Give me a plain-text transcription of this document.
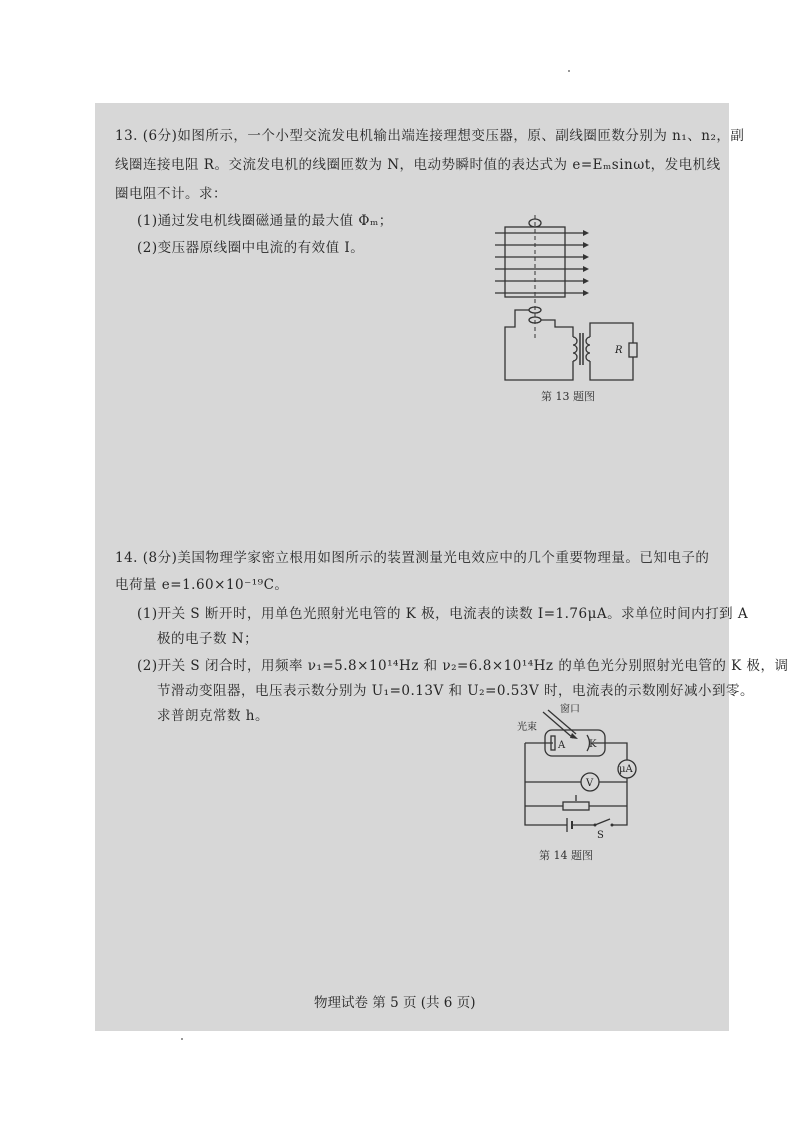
13. (6分)如图所示，一个小型交流发电机输出端连接理想变压器，原、副线圈匝数分别为 n₁、n₂，副
线圈连接电阻 R。交流发电机的线圈匝数为 N，电动势瞬时值的表达式为 e=Eₘsinωt，发电机线
圈电阻不计。求：
(1)通过发电机线圈磁通量的最大值 Φₘ；
(2)变压器原线圈中电流的有效值 I。
R
第 13 题图
14. (8分)美国物理学家密立根用如图所示的装置测量光电效应中的几个重要物理量。已知电子的
电荷量 e=1.60×10⁻¹⁹C。
(1)开关 S 断开时，用单色光照射光电管的 K 极，电流表的读数 I=1.76μA。求单位时间内打到 A
极的电子数 N；
(2)开关 S 闭合时，用频率 ν₁=5.8×10¹⁴Hz 和 ν₂=6.8×10¹⁴Hz 的单色光分别照射光电管的 K 极，调
节滑动变阻器，电压表示数分别为 U₁=0.13V 和 U₂=0.53V 时，电流表的示数刚好减小到零。
求普朗克常数 h。	窗口
光束
A K
μA
V
S
第 14 题图
物理试卷 第 5 页 (共 6 页)
